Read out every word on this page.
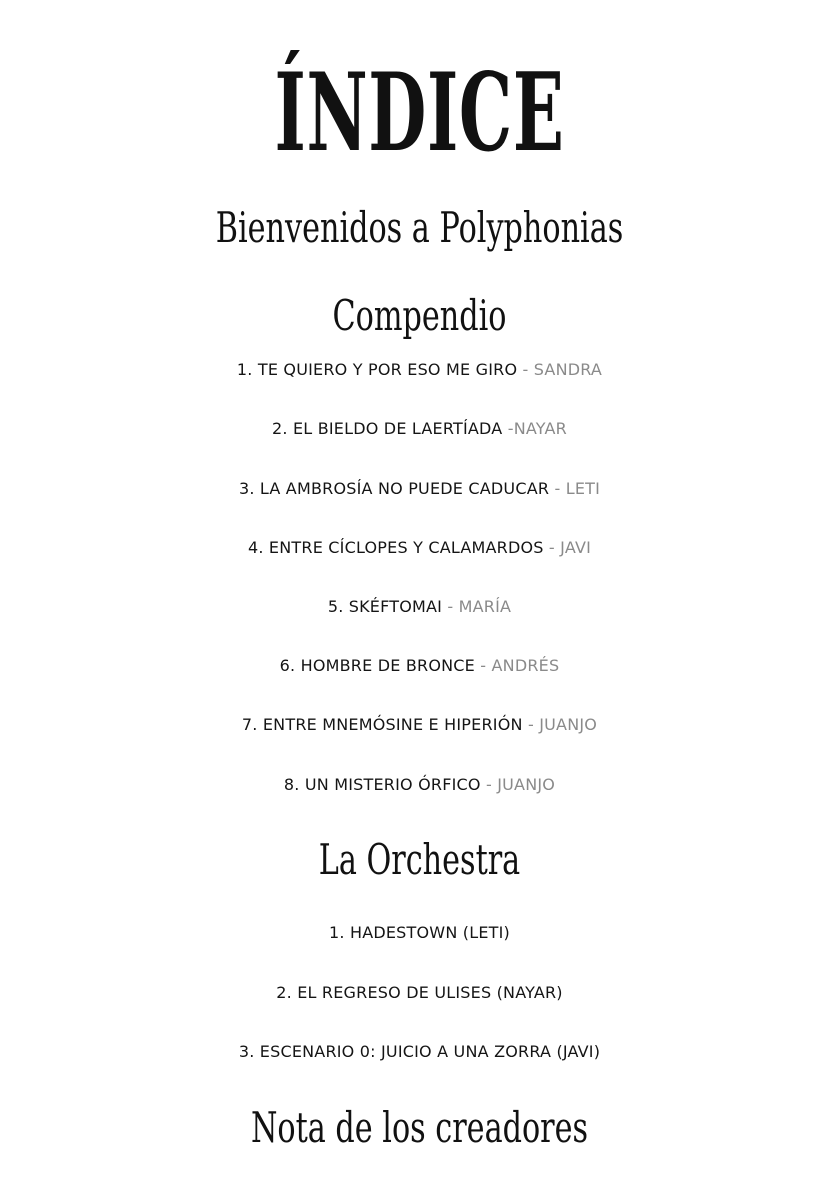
ÍNDICE
Bienvenidos a Polyphonias
Compendio
1. TE QUIERO Y POR ESO ME GIRO - SANDRA
2. EL BIELDO DE LAERTÍADA -NAYAR
3. LA AMBROSÍA NO PUEDE CADUCAR - LETI
4. ENTRE CÍCLOPES Y CALAMARDOS - JAVI
5. SKÉFTOMAI - MARÍA
6. HOMBRE DE BRONCE - ANDRÉS
7. ENTRE MNEMÓSINE E HIPERIÓN - JUANJO
8. UN MISTERIO ÓRFICO - JUANJO
La Orchestra
1. HADESTOWN (LETI)
2. EL REGRESO DE ULISES (NAYAR)
3. ESCENARIO 0: JUICIO A UNA ZORRA (JAVI)
Nota de los creadores
